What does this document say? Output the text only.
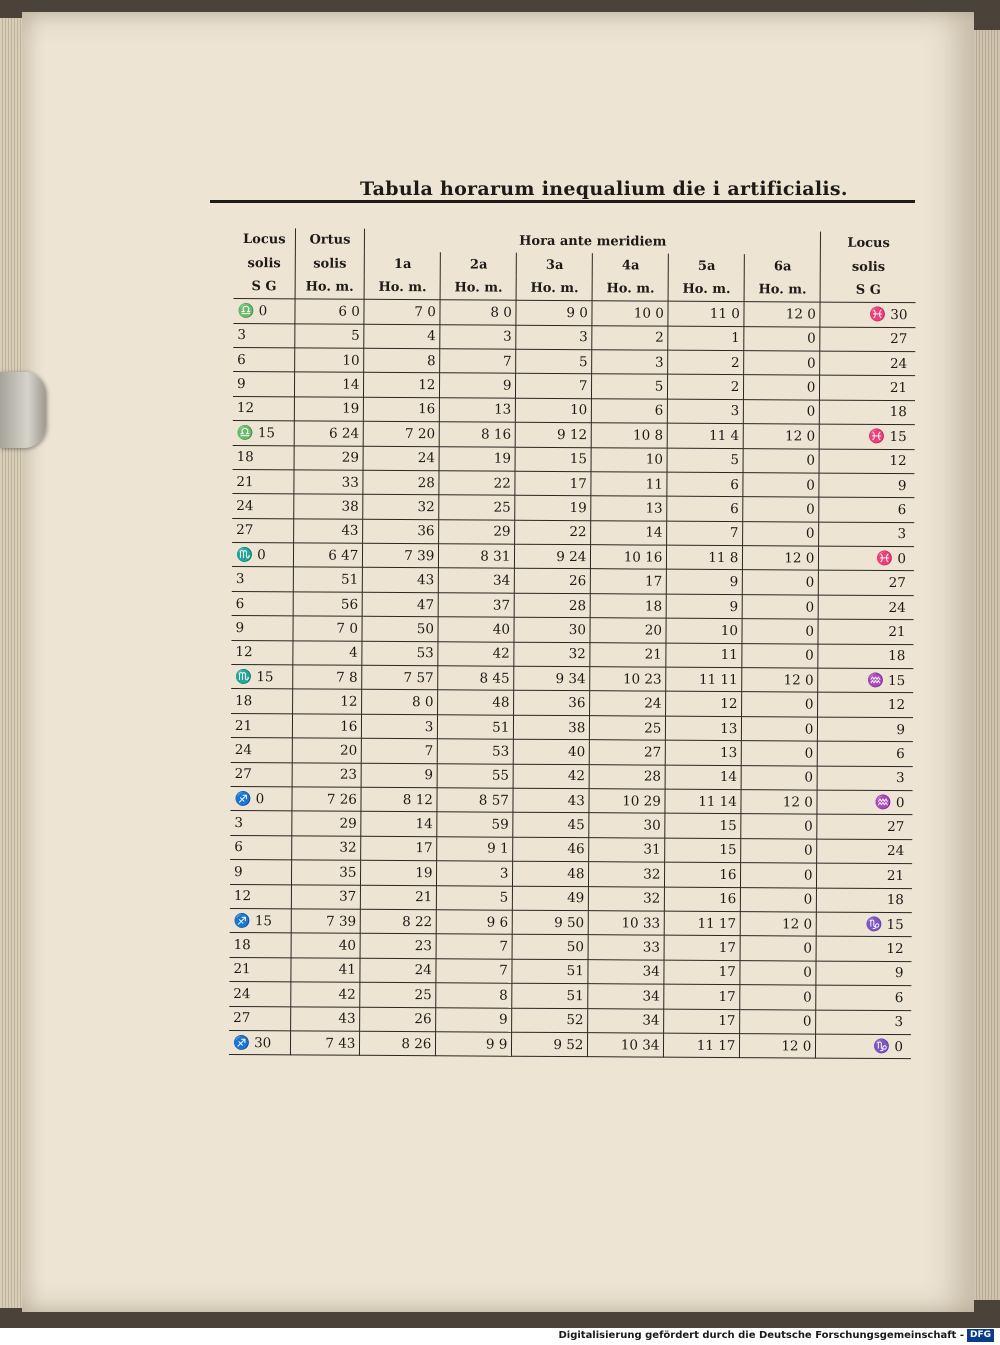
Tabula horarum inequalium die i artificialis.
Locus	Ortus	Hora ante meridiem						Locus
solis	solis	1a	2a	3a	4a	5a	6a	solis
S G	Ho. m.	Ho. m.	Ho. m.	Ho. m.	Ho. m.	Ho. m.	Ho. m.	S G
♎ 0	6 0	7 0	8 0	9 0	10 0	11 0	12 0	♓ 30
3	5	4	3	3	2	1	0	27
6	10	8	7	5	3	2	0	24
9	14	12	9	7	5	2	0	21
12	19	16	13	10	6	3	0	18
♎ 15	6 24	7 20	8 16	9 12	10 8	11 4	12 0	♓ 15
18	29	24	19	15	10	5	0	12
21	33	28	22	17	11	6	0	9
24	38	32	25	19	13	6	0	6
27	43	36	29	22	14	7	0	3
♏ 0	6 47	7 39	8 31	9 24	10 16	11 8	12 0	♓ 0
3	51	43	34	26	17	9	0	27
6	56	47	37	28	18	9	0	24
9	7 0	50	40	30	20	10	0	21
12	4	53	42	32	21	11	0	18
♏ 15	7 8	7 57	8 45	9 34	10 23	11 11	12 0	♒ 15
18	12	8 0	48	36	24	12	0	12
21	16	3	51	38	25	13	0	9
24	20	7	53	40	27	13	0	6
27	23	9	55	42	28	14	0	3
♐ 0	7 26	8 12	8 57	43	10 29	11 14	12 0	♒ 0
3	29	14	59	45	30	15	0	27
6	32	17	9 1	46	31	15	0	24
9	35	19	3	48	32	16	0	21
12	37	21	5	49	32	16	0	18
♐ 15	7 39	8 22	9 6	9 50	10 33	11 17	12 0	♑ 15
18	40	23	7	50	33	17	0	12
21	41	24	7	51	34	17	0	9
24	42	25	8	51	34	17	0	6
27	43	26	9	52	34	17	0	3
♐ 30	7 43	8 26	9 9	9 52	10 34	11 17	12 0	♑ 0
Digitalisierung gefördert durch die Deutsche Forschungsgemeinschaft - DFG
